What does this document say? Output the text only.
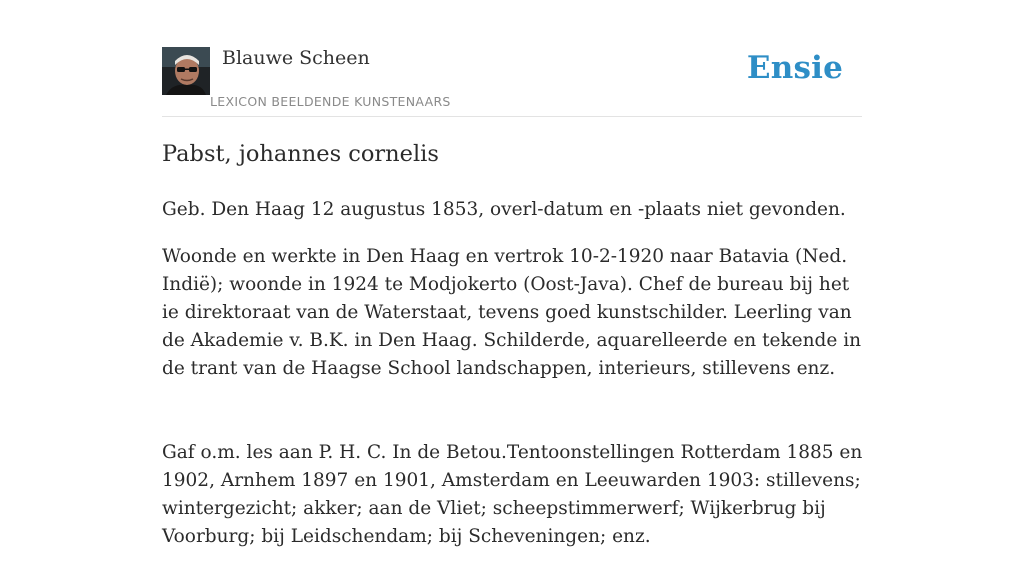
Blauwe Scheen
LEXICON BEELDENDE KUNSTENAARS
Ensie
Pabst, johannes cornelis

Geb. Den Haag 12 augustus 1853, overl-datum en -plaats niet gevonden.

Woonde en werkte in Den Haag en vertrok 10-2-1920 naar Batavia (Ned. Indië); woonde in 1924 te Modjokerto (Oost-Java). Chef de bureau bij het ie direktoraat van de Waterstaat, tevens goed kunstschilder. Leerling van de Akademie v. B.K. in Den Haag. Schilderde, aquarelleerde en tekende in de trant van de Haagse School landschappen, interieurs, stillevens enz.

Gaf o.m. les aan P. H. C. In de Betou.Tentoonstellingen Rotterdam 1885 en 1902, Arnhem 1897 en 1901, Amsterdam en Leeuwarden 1903: stillevens; wintergezicht; akker; aan de Vliet; scheepstimmerwerf; Wijkerbrug bij Voorburg; bij Leidschendam; bij Scheveningen; enz.
